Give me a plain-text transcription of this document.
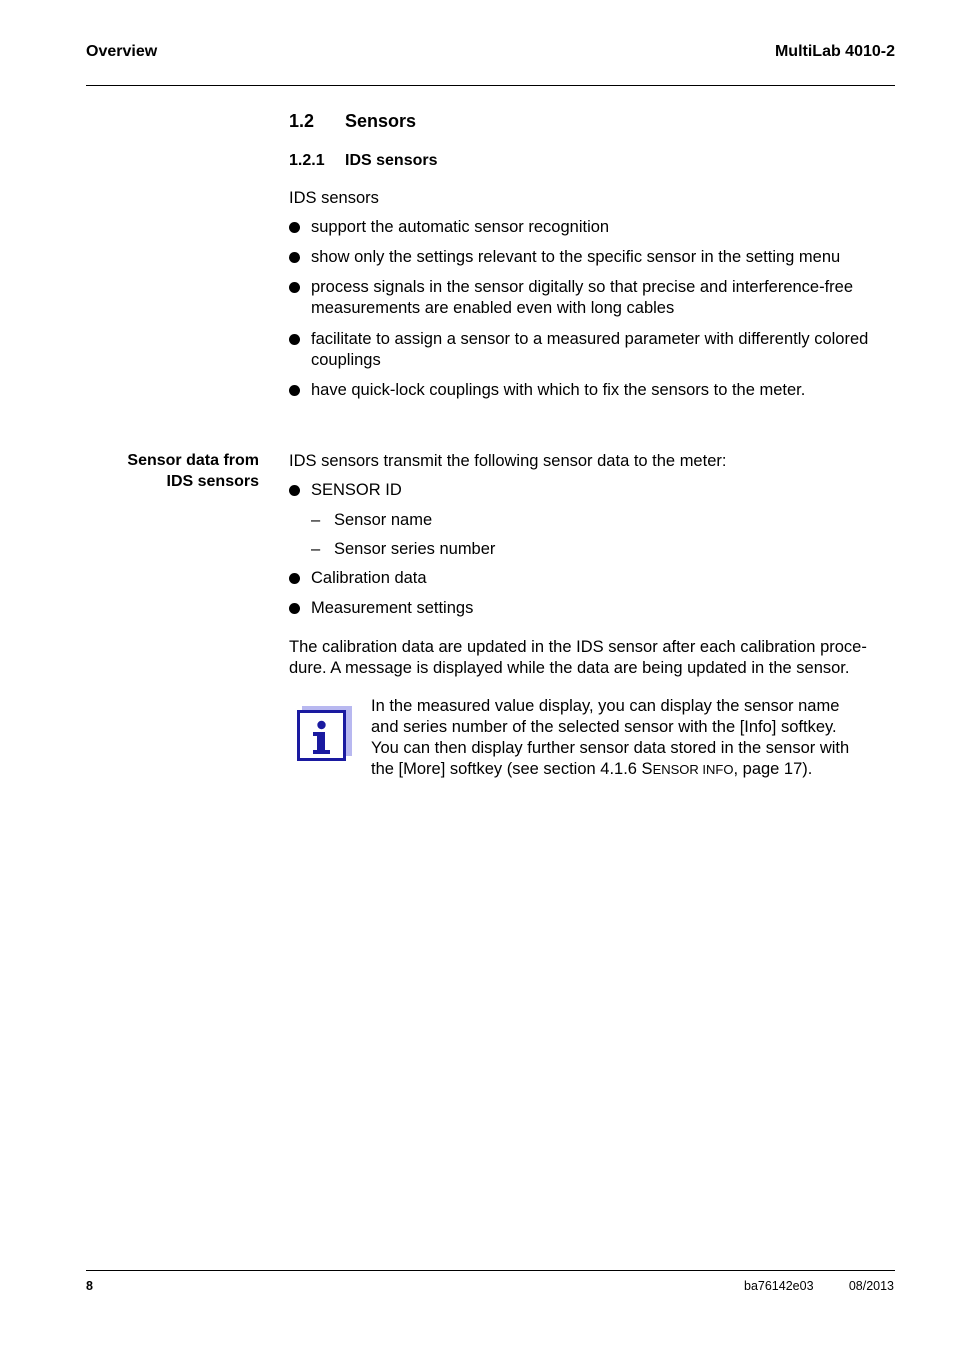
Overview	MultiLab 4010-2
1.2 Sensors
1.2.1 IDS sensors
IDS sensors
support the automatic sensor recognition
show only the settings relevant to the specific sensor in the setting menu
process signals in the sensor digitally so that precise and interference-free measurements are enabled even with long cables
facilitate to assign a sensor to a measured parameter with differently colored couplings
have quick-lock couplings with which to fix the sensors to the meter.
Sensor data from
IDS sensors
IDS sensors transmit the following sensor data to the meter:
SENSOR ID
– Sensor name
– Sensor series number
Calibration data
Measurement settings
The calibration data are updated in the IDS sensor after each calibration proce-
dure. A message is displayed while the data are being updated in the sensor.
In the measured value display, you can display the sensor name
and series number of the selected sensor with the [Info] softkey.
You can then display further sensor data stored in the sensor with
the [More] softkey (see section 4.1.6 SENSOR INFO, page 17).
8	ba76142e03	08/2013
